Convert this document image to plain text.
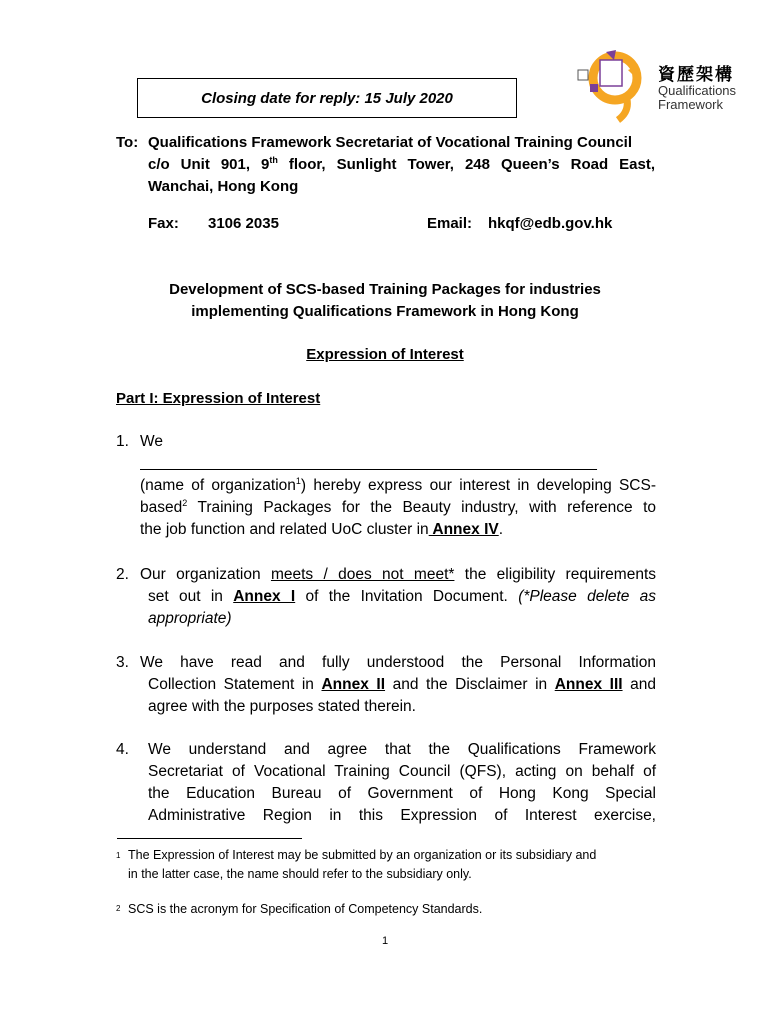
資歷架構
Qualifications
Framework
Closing date for reply: 15 July 2020
To: Qualifications Framework Secretariat of Vocational Training Council
c/o Unit 901, 9th floor, Sunlight Tower, 248 Queen’s Road East,
Wanchai, Hong Kong
Fax: 3106 2035	Email: hkqf@edb.gov.hk
Development of SCS-based Training Packages for industries
implementing Qualifications Framework in Hong Kong
Expression of Interest
Part I: Expression of Interest
1. We
_____________________________________________________
(name of organization$^1$) hereby express our interest in developing SCS-
based$^2$ Training Packages for the Beauty industry, with reference to
the job function and related UoC cluster in Annex IV.
2. Our organization meets / does not meet* the eligibility requirements
set out in Annex I of the Invitation Document. (*Please delete as
appropriate)
3. We have read and fully understood the Personal Information
Collection Statement in Annex II and the Disclaimer in Annex III and
agree with the purposes stated therein.
4. We understand and agree that the Qualifications Framework
Secretariat of Vocational Training Council (QFS), acting on behalf of
the Education Bureau of Government of Hong Kong Special
Administrative Region in this Expression of Interest exercise,
1 The Expression of Interest may be submitted by an organization or its subsidiary and
in the latter case, the name should refer to the subsidiary only.
2 SCS is the acronym for Specification of Competency Standards.
1
